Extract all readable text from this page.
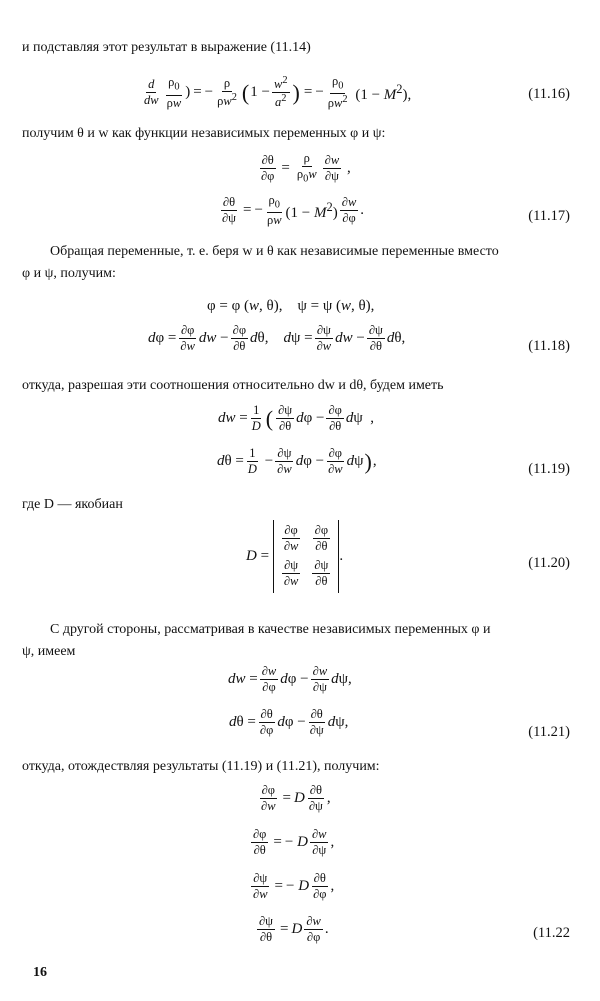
и подставляя этот результат в выражение (11.14)
$\frac{d}{dw} \frac{\rho_0}{\rho w}$ ) = − $\frac{\rho}{\rho w^2}$ ( $1 - \frac{w^2}{a^2}$ ) = − $\frac{\rho_0}{\rho w^2} (1 - M^2)$,	(11.16)
получим θ и w как функции независимых переменных φ и ψ:
$\frac{\partial\theta}{\partial\varphi} = \frac{\rho}{\rho_0w} \frac{\partial w}{\partial\psi}$ ,
$\frac{\partial\theta}{\partial\psi}$ = − $\frac{\rho_0}{\rho w} (1 - M^2) \frac{\partial w}{\partial\varphi}$ .	(11.17)
Обращая переменные, т. е. беря w и θ как независимые переменные вместо
φ и ψ, получим:
φ = φ (w, θ),    ψ = ψ (w, θ),
$d\varphi = \frac{\partial\varphi}{\partial w}$ dw − $\frac{\partial\varphi}{\partial\theta} d\theta$,    $d\psi = \frac{\partial\psi}{\partial w}$ dw − $\frac{\partial\psi}{\partial\theta} d\theta$,	(11.18)
откуда, разрешая эти соотношения относительно dw и dθ, будем иметь
dw = $\frac{1}{D}$ ( $\frac{\partial\psi}{\partial\theta}$ $d\varphi - \frac{\partial\varphi}{\partial\theta}$ dψ  ,
$d\theta = \frac{1}{D} - \frac{\partial\psi}{\partial w}$ $d\varphi - \frac{\partial\varphi}{\partial w}$ dψ ) ,	(11.19)
где D — якобиан
D =
$\frac{\partial\varphi}{\partial w} \frac{\partial\varphi}{\partial\theta}$
$\frac{\partial\psi}{\partial w} \frac{\partial\psi}{\partial\theta}$
.	(11.20)
С другой стороны, рассматривая в качестве независимых переменных φ и
ψ, имеем
dw = $\frac{\partial w}{\partial\varphi}$ $d\varphi - \frac{\partial w}{\partial\psi} d\psi$,
$d\theta = \frac{\partial\theta}{\partial\varphi}$ $d\varphi - \frac{\partial\theta}{\partial\psi} d\psi$,
(11.21)
откуда, отождествляя результаты (11.19) и (11.21), получим:
$\frac{\partial\varphi}{\partial w} = D \frac{\partial\theta}{\partial\psi}$ ,
$\frac{\partial\varphi}{\partial\theta}$ = − D $\frac{\partial w}{\partial\psi}$ ,
$\frac{\partial\psi}{\partial w}$ = − D $\frac{\partial\theta}{\partial\varphi}$ ,
$\frac{\partial\psi}{\partial\theta} = D \frac{\partial w}{\partial\varphi}$ .	(11.22
16
